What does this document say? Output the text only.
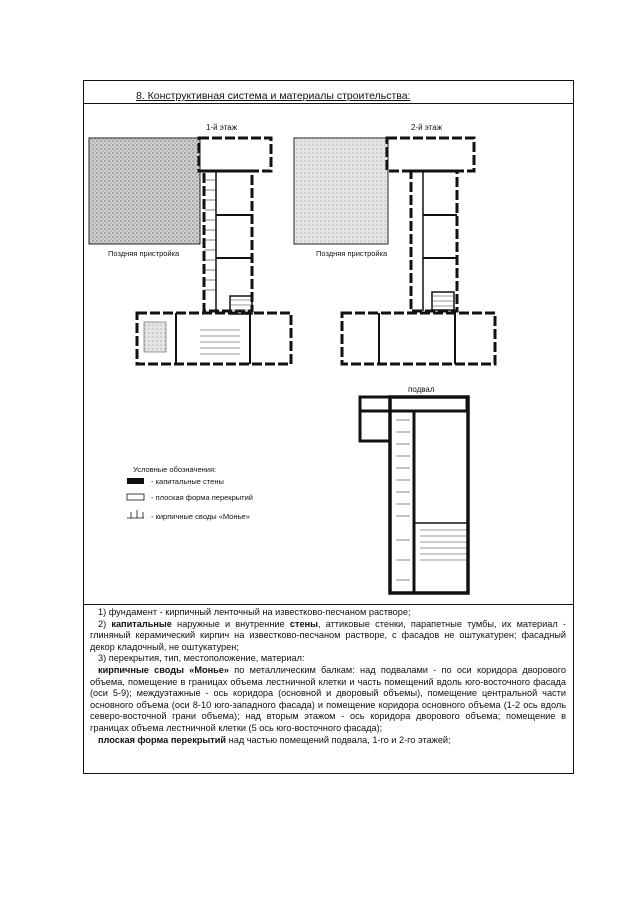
8. Конструктивная система и материалы строительства:
1-й этаж	2-й этаж
подвал
Поздняя пристройка	Поздняя пристройка
Условные обозначения:
- капитальные стены
- плоская форма перекрытий
- кирпичные своды «Монье»

1) фундамент - кирпичный ленточный на известково-песчаном растворе;

2) капитальные наружные и внутренние стены, аттиковые стенки, парапетные тумбы, их материал - глиняный керамический кирпич на известково-песчаном растворе, с фасадов не оштукатурен; фасадный декор кладочный, не оштукатурен;

3) перекрытия, тип, местоположение, материал:

кирпичные своды «Монье» по металлическим балкам: над подвалами - по оси коридора дворового объема, помещение в границах объема лестничной клетки и часть помещений вдоль юго-восточного фасада (оси 5-9); междуэтажные - ось коридора (основной и дворовый объемы), помещение центральной части основного объема (оси 8-10 юго-западного фасада) и помещение коридора основного объема (1-2 ось вдоль северо-восточной грани объема); над вторым этажом - ось коридора дворового объема; помещение в границах объема лестничной клетки (5 ось юго-восточного фасада);

плоская форма перекрытий над частью помещений подвала, 1-го и 2-го этажей;
